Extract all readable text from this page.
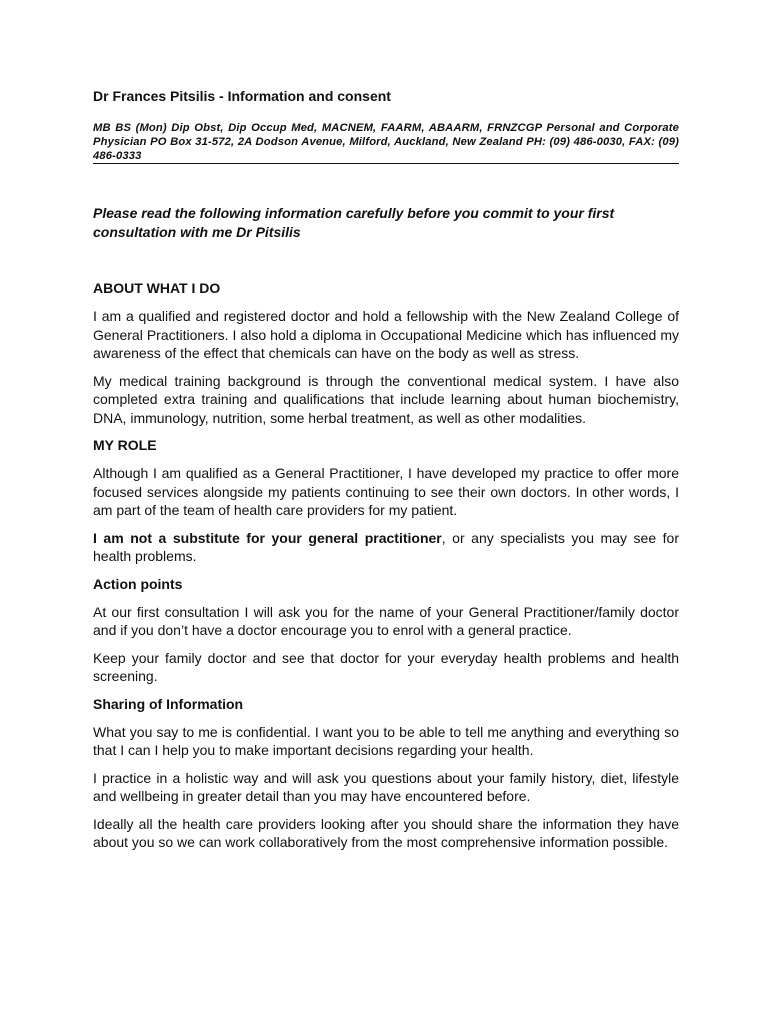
Dr Frances Pitsilis - Information and consent

MB BS (Mon) Dip Obst, Dip Occup Med, MACNEM, FAARM, ABAARM, FRNZCGP Personal and Corporate Physician PO Box 31-572, 2A Dodson Avenue, Milford, Auckland, New Zealand PH: (09) 486-0030, FAX: (09) 486-0333

Please read the following information carefully before you commit to your first consultation with me Dr Pitsilis

ABOUT WHAT I DO

I am a qualified and registered doctor and hold a fellowship with the New Zealand College of General Practitioners. I also hold a diploma in Occupational Medicine which has influenced my awareness of the effect that chemicals can have on the body as well as stress.

My medical training background is through the conventional medical system. I have also completed extra training and qualifications that include learning about human biochemistry, DNA, immunology, nutrition, some herbal treatment, as well as other modalities.

MY ROLE

Although I am qualified as a General Practitioner, I have developed my practice to offer more focused services alongside my patients continuing to see their own doctors. In other words, I am part of the team of health care providers for my patient.

I am not a substitute for your general practitioner, or any specialists you may see for health problems.

Action points

At our first consultation I will ask you for the name of your General Practitioner/family doctor and if you don’t have a doctor encourage you to enrol with a general practice.

Keep your family doctor and see that doctor for your everyday health problems and health screening.

Sharing of Information

What you say to me is confidential. I want you to be able to tell me anything and everything so that I can I help you to make important decisions regarding your health.

I practice in a holistic way and will ask you questions about your family history, diet, lifestyle and wellbeing in greater detail than you may have encountered before.

Ideally all the health care providers looking after you should share the information they have about you so we can work collaboratively from the most comprehensive information possible.
